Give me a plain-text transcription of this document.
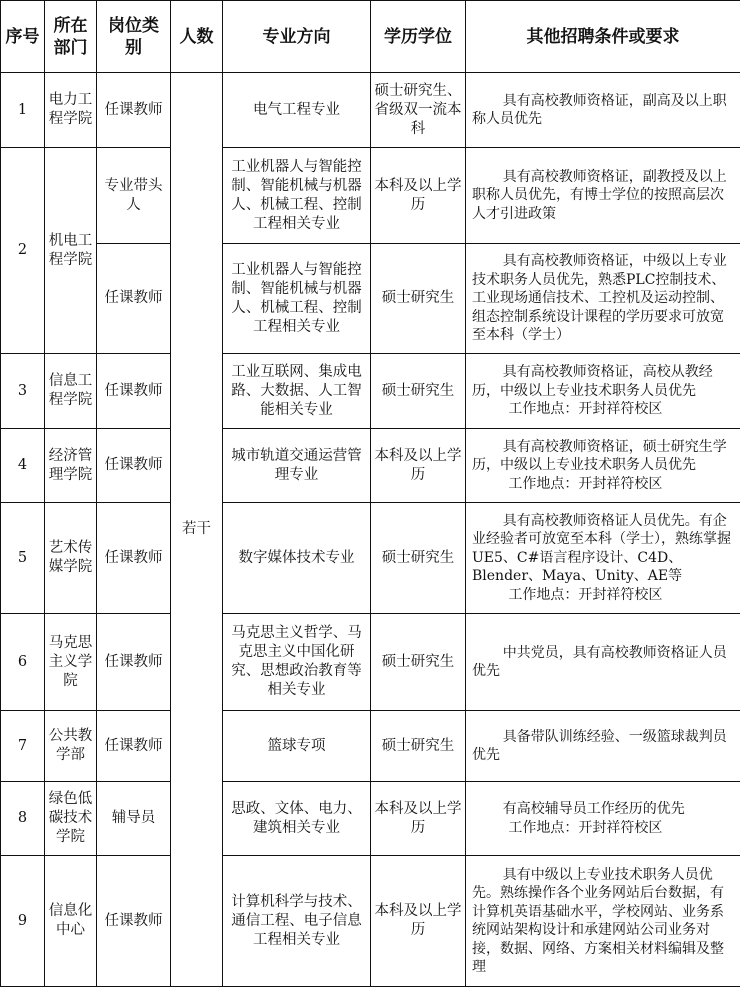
序号	所在部门	岗位类别	人数	专业方向	学历学位	其他招聘条件或要求
1	电力工程学院	任课教师	若干	电气工程专业	硕士研究生、省级双一流本科	具有高校教师资格证，副高及以上职称人员优先

2	机电工程学院	专业带头人		工业机器人与智能控制、智能机械与机器人、机械工程、控制工程相关专业	本科及以上学历	具有高校教师资格证，副教授及以上职称人员优先，有博士学位的按照高层次人才引进政策

		任课教师		工业机器人与智能控制、智能机械与机器人、机械工程、控制工程相关专业	硕士研究生	具有高校教师资格证，中级以上专业技术职务人员优先，熟悉PLC控制技术、工业现场通信技术、工控机及运动控制、组态控制系统设计课程的学历要求可放宽至本科（学士）

3	信息工程学院	任课教师		工业互联网、集成电路、大数据、人工智能相关专业	硕士研究生	具有高校教师资格证，高校从教经历，中级以上专业技术职务人员优先
工作地点：开封祥符校区

4	经济管理学院	任课教师		城市轨道交通运营管理专业	本科及以上学历	具有高校教师资格证，硕士研究生学历，中级以上专业技术职务人员优先
工作地点：开封祥符校区

5	艺术传媒学院	任课教师		数字媒体技术专业	硕士研究生	具有高校教师资格证人员优先。有企业经验者可放宽至本科（学士），熟练掌握UE5、C#语言程序设计、C4D、Blender、Maya、Unity、AE等
工作地点：开封祥符校区

6	马克思主义学院	任课教师		马克思主义哲学、马克思主义中国化研究、思想政治教育等相关专业	硕士研究生	中共党员，具有高校教师资格证人员优先

7	公共教学部	任课教师		篮球专项	硕士研究生	具备带队训练经验、一级篮球裁判员优先

8	绿色低碳技术学院	辅导员		思政、文体、电力、建筑相关专业	本科及以上学历	有高校辅导员工作经历的优先
工作地点：开封祥符校区

9	信息化中心	任课教师		计算机科学与技术、通信工程、电子信息工程相关专业	本科及以上学历	具有中级以上专业技术职务人员优先。熟练操作各个业务网站后台数据，有计算机英语基础水平，学校网站、业务系统网站架构设计和承建网站公司业务对接，数据、网络、方案相关材料编辑及整理
